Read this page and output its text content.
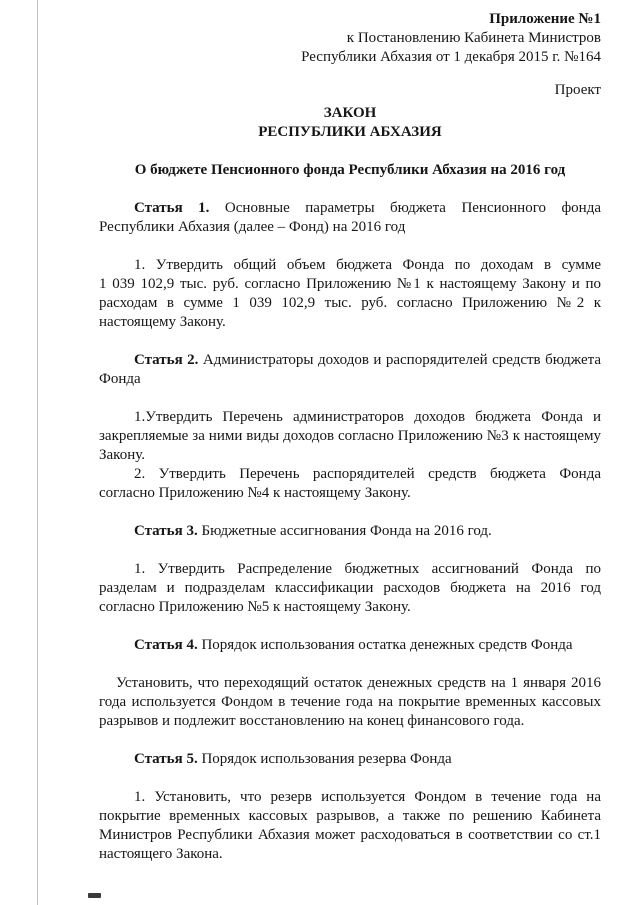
Приложение №1
к Постановлению Кабинета Министров
Республики Абхазия от 1 декабря 2015 г. №164
Проект
ЗАКОН
РЕСПУБЛИКИ АБХАЗИЯ
О бюджете Пенсионного фонда Республики Абхазия на 2016 год

Статья 1. Основные параметры бюджета Пенсионного фонда Республики Абхазия (далее – Фонд) на 2016 год

1. Утвердить общий объем бюджета Фонда по доходам в сумме 1 039 102,9 тыс. руб. согласно Приложению №1 к настоящему Закону и по расходам в сумме 1 039 102,9 тыс. руб. согласно Приложению №2 к настоящему Закону.

Статья 2. Администраторы доходов и распорядителей средств бюджета Фонда

1.Утвердить Перечень администраторов доходов бюджета Фонда и закрепляемые за ними виды доходов согласно Приложению №3 к настоящему Закону.

2. Утвердить Перечень распорядителей средств бюджета Фонда согласно Приложению №4 к настоящему Закону.

Статья 3. Бюджетные ассигнования Фонда на 2016 год.

1. Утвердить Распределение бюджетных ассигнований Фонда по разделам и подразделам классификации расходов бюджета на 2016 год согласно Приложению №5 к настоящему Закону.

Статья 4. Порядок использования остатка денежных средств Фонда

Установить, что переходящий остаток денежных средств на 1 января 2016 года используется Фондом в течение года на покрытие временных кассовых разрывов и подлежит восстановлению на конец финансового года.

Статья 5. Порядок использования резерва Фонда

1. Установить, что резерв используется Фондом в течение года на покрытие временных кассовых разрывов, а также по решению Кабинета Министров Республики Абхазия может расходоваться в соответствии со ст.1 настоящего Закона.
